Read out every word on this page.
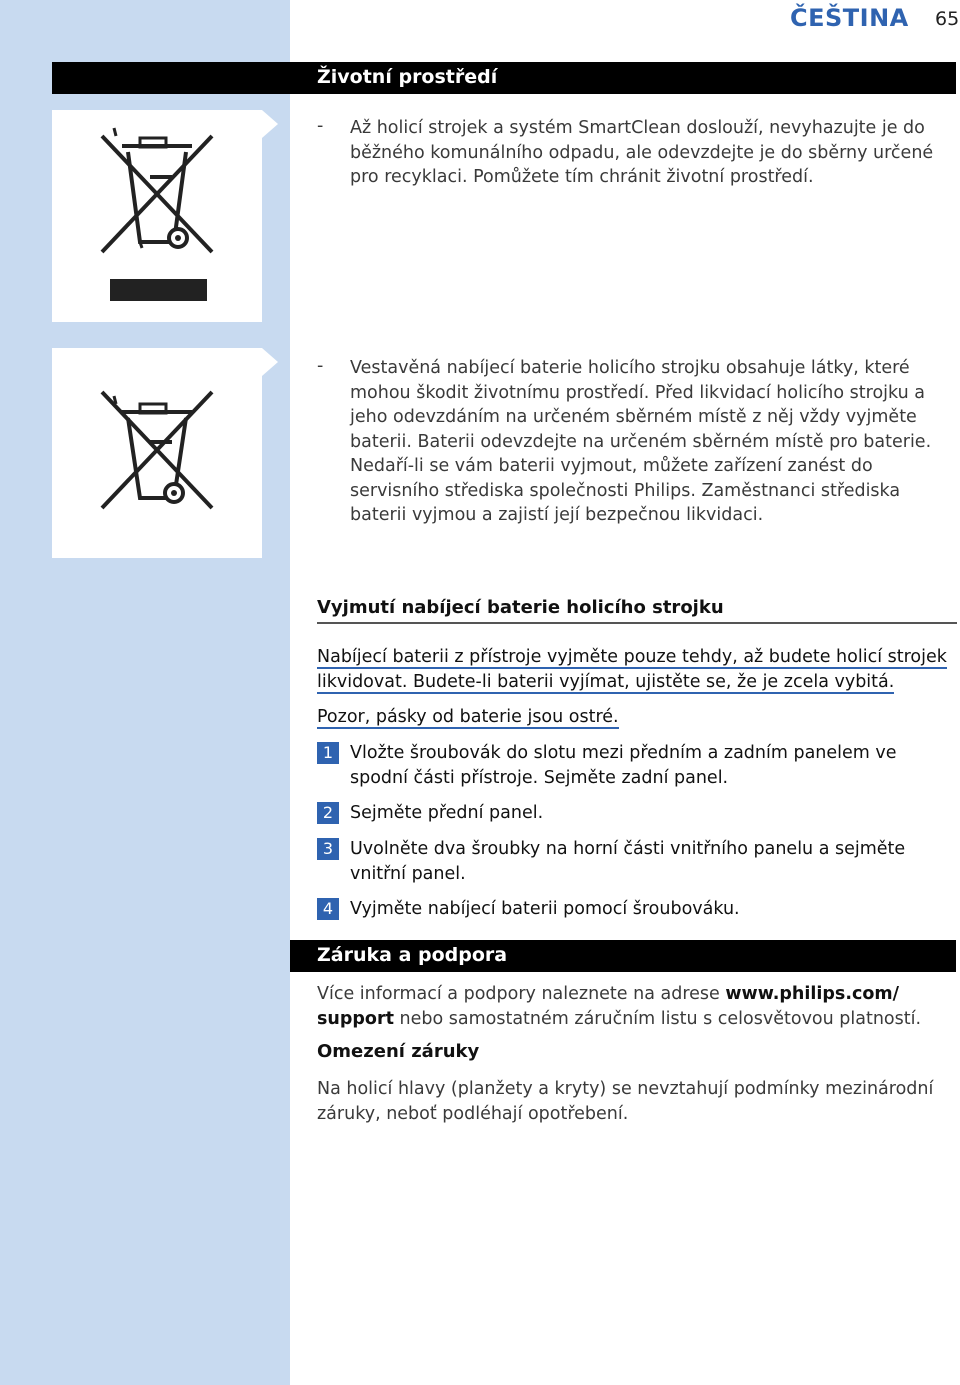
ČEŠTINA 65
Životní prostředí
- Až holicí strojek a systém SmartClean doslouží, nevyhazujte je do běžného komunálního odpadu, ale odevzdejte je do sběrny určené pro recyklaci. Pomůžete tím chránit životní prostředí.
- Vestavěná nabíjecí baterie holicího strojku obsahuje látky, které mohou škodit životnímu prostředí. Před likvidací holicího strojku a jeho odevzdáním na určeném sběrném místě z něj vždy vyjměte baterii. Baterii odevzdejte na určeném sběrném místě pro baterie. Nedaří-li se vám baterii vyjmout, můžete zařízení zanést do servisního střediska společnosti Philips. Zaměstnanci střediska baterii vyjmou a zajistí její bezpečnou likvidaci.
Vyjmutí nabíjecí baterie holicího strojku
Nabíjecí baterii z přístroje vyjměte pouze tehdy, až budete holicí strojek
likvidovat. Budete-li baterii vyjímat, ujistěte se, že je zcela vybitá.
Pozor, pásky od baterie jsou ostré.
1 Vložte šroubovák do slotu mezi předním a zadním panelem ve spodní části přístroje. Sejměte zadní panel.
2 Sejměte přední panel.
3 Uvolněte dva šroubky na horní části vnitřního panelu a sejměte vnitřní panel.
4 Vyjměte nabíjecí baterii pomocí šroubováku.
Záruka a podpora
Více informací a podpory naleznete na adrese www.philips.com/
support nebo samostatném záručním listu s celosvětovou platností.
Omezení záruky
Na holicí hlavy (planžety a kryty) se nevztahují podmínky mezinárodní záruky, neboť podléhají opotřebení.
